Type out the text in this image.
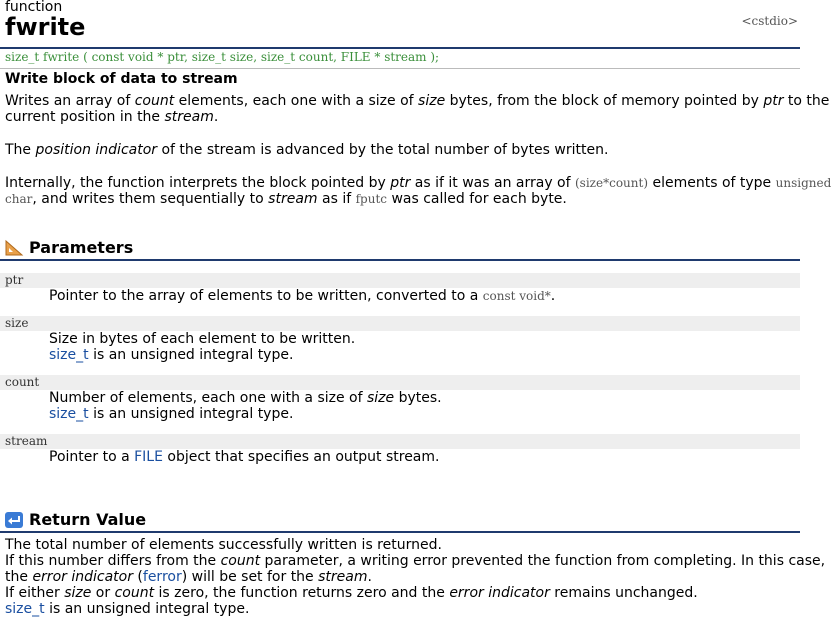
function
fwrite	<cstdio>
size_t fwrite ( const void * ptr, size_t size, size_t count, FILE * stream );
Write block of data to stream
Writes an array of count elements, each one with a size of size bytes, from the block of memory pointed by ptr to the
current position in the stream.
The position indicator of the stream is advanced by the total number of bytes written.
Internally, the function interprets the block pointed by ptr as if it was an array of (size*count) elements of type unsigned
char, and writes them sequentially to stream as if fputc was called for each byte.
Parameters
ptr
Pointer to the array of elements to be written, converted to a const void*.
size
Size in bytes of each element to be written.
size_t is an unsigned integral type.
count
Number of elements, each one with a size of size bytes.
size_t is an unsigned integral type.
stream
Pointer to a FILE object that specifies an output stream.
Return Value
The total number of elements successfully written is returned.
If this number differs from the count parameter, a writing error prevented the function from completing. In this case,
the error indicator (ferror) will be set for the stream.
If either size or count is zero, the function returns zero and the error indicator remains unchanged.
size_t is an unsigned integral type.
